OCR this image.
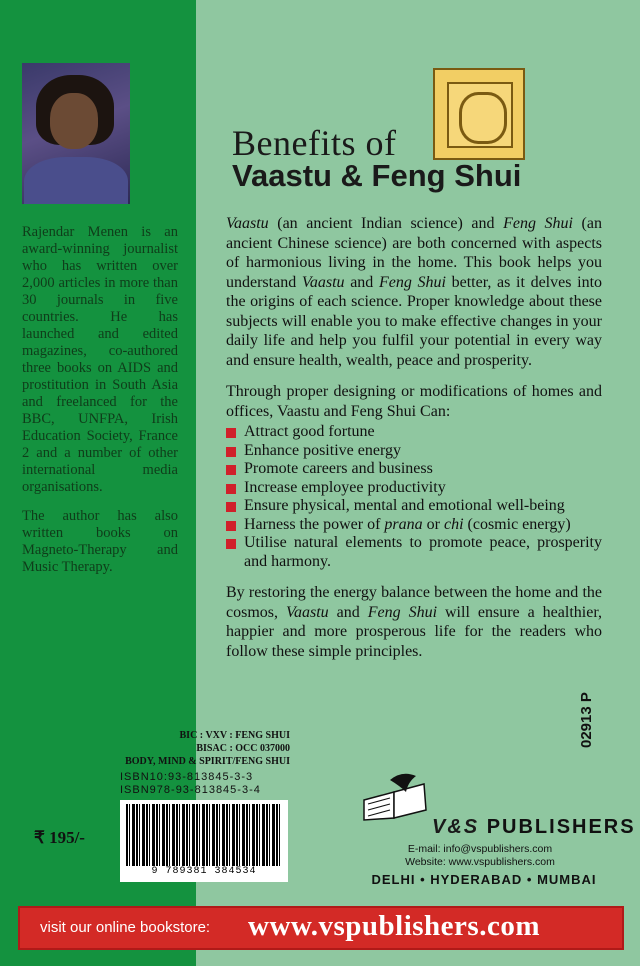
Rajendar Menen is an award-winning journalist who has written over 2,000 articles in more than 30 journals in five countries. He has launched and edited magazines, co-authored three books on AIDS and prostitution in South Asia and freelanced for the BBC, UNFPA, Irish Education Society, France 2 and a number of other international media organisations.

The author has also written books on Magneto-Therapy and Music Therapy.

Benefits of
Vaastu & Feng Shui

Vaastu (an ancient Indian science) and Feng Shui (an ancient Chinese science) are both concerned with aspects of harmonious living in the home. This book helps you understand Vaastu and Feng Shui better, as it delves into the origins of each science. Proper knowledge about these subjects will enable you to make effective changes in your daily life and help you fulfil your potential in every way and ensure health, wealth, peace and prosperity.

Through proper designing or modifications of homes and offices, Vaastu and Feng Shui Can:

Attract good fortune
Enhance positive energy
Promote careers and business
Increase employee productivity
Ensure physical, mental and emotional well-being
Harness the power of prana or chi (cosmic energy)
Utilise natural elements to promote peace, prosperity and harmony.

By restoring the energy balance between the home and the cosmos, Vaastu and Feng Shui will ensure a healthier, happier and more prosperous life for the readers who follow these simple principles.

BIC : VXV : FENG SHUI
BISAC : OCC 037000
BODY, MIND & SPIRIT/FENG SHUI
ISBN10:93-813845-3-3
ISBN978-93-813845-3-4
₹ 195/-
9 789381 384534
02913 P
V&S PUBLISHERS
E-mail: info@vspublishers.com
Website: www.vspublishers.com
DELHI • HYDERABAD • MUMBAI
visit our online bookstore: www.vspublishers.com
